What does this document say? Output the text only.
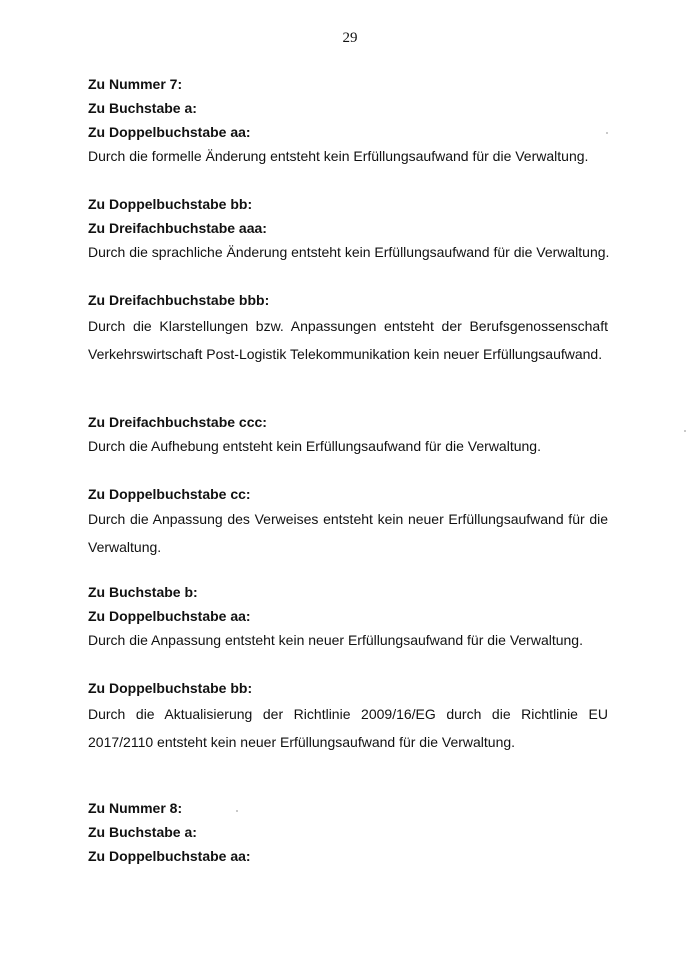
29
Zu Nummer 7:
Zu Buchstabe a:
Zu Doppelbuchstabe aa:
Durch die formelle Änderung entsteht kein Erfüllungsaufwand für die Verwaltung.
Zu Doppelbuchstabe bb:
Zu Dreifachbuchstabe aaa:
Durch die sprachliche Änderung entsteht kein Erfüllungsaufwand für die Verwaltung.
Zu Dreifachbuchstabe bbb:
Durch die Klarstellungen bzw. Anpassungen entsteht der Berufsgenossenschaft Verkehrswirtschaft Post-Logistik Telekommunikation kein neuer Erfüllungsaufwand.
Zu Dreifachbuchstabe ccc:
Durch die Aufhebung entsteht kein Erfüllungsaufwand für die Verwaltung.
Zu Doppelbuchstabe cc:
Durch die Anpassung des Verweises entsteht kein neuer Erfüllungsaufwand für die Verwaltung.
Zu Buchstabe b:
Zu Doppelbuchstabe aa:
Durch die Anpassung entsteht kein neuer Erfüllungsaufwand für die Verwaltung.
Zu Doppelbuchstabe bb:
Durch die Aktualisierung der Richtlinie 2009/16/EG durch die Richtlinie EU 2017/2110 entsteht kein neuer Erfüllungsaufwand für die Verwaltung.
Zu Nummer 8:
Zu Buchstabe a:
Zu Doppelbuchstabe aa:
